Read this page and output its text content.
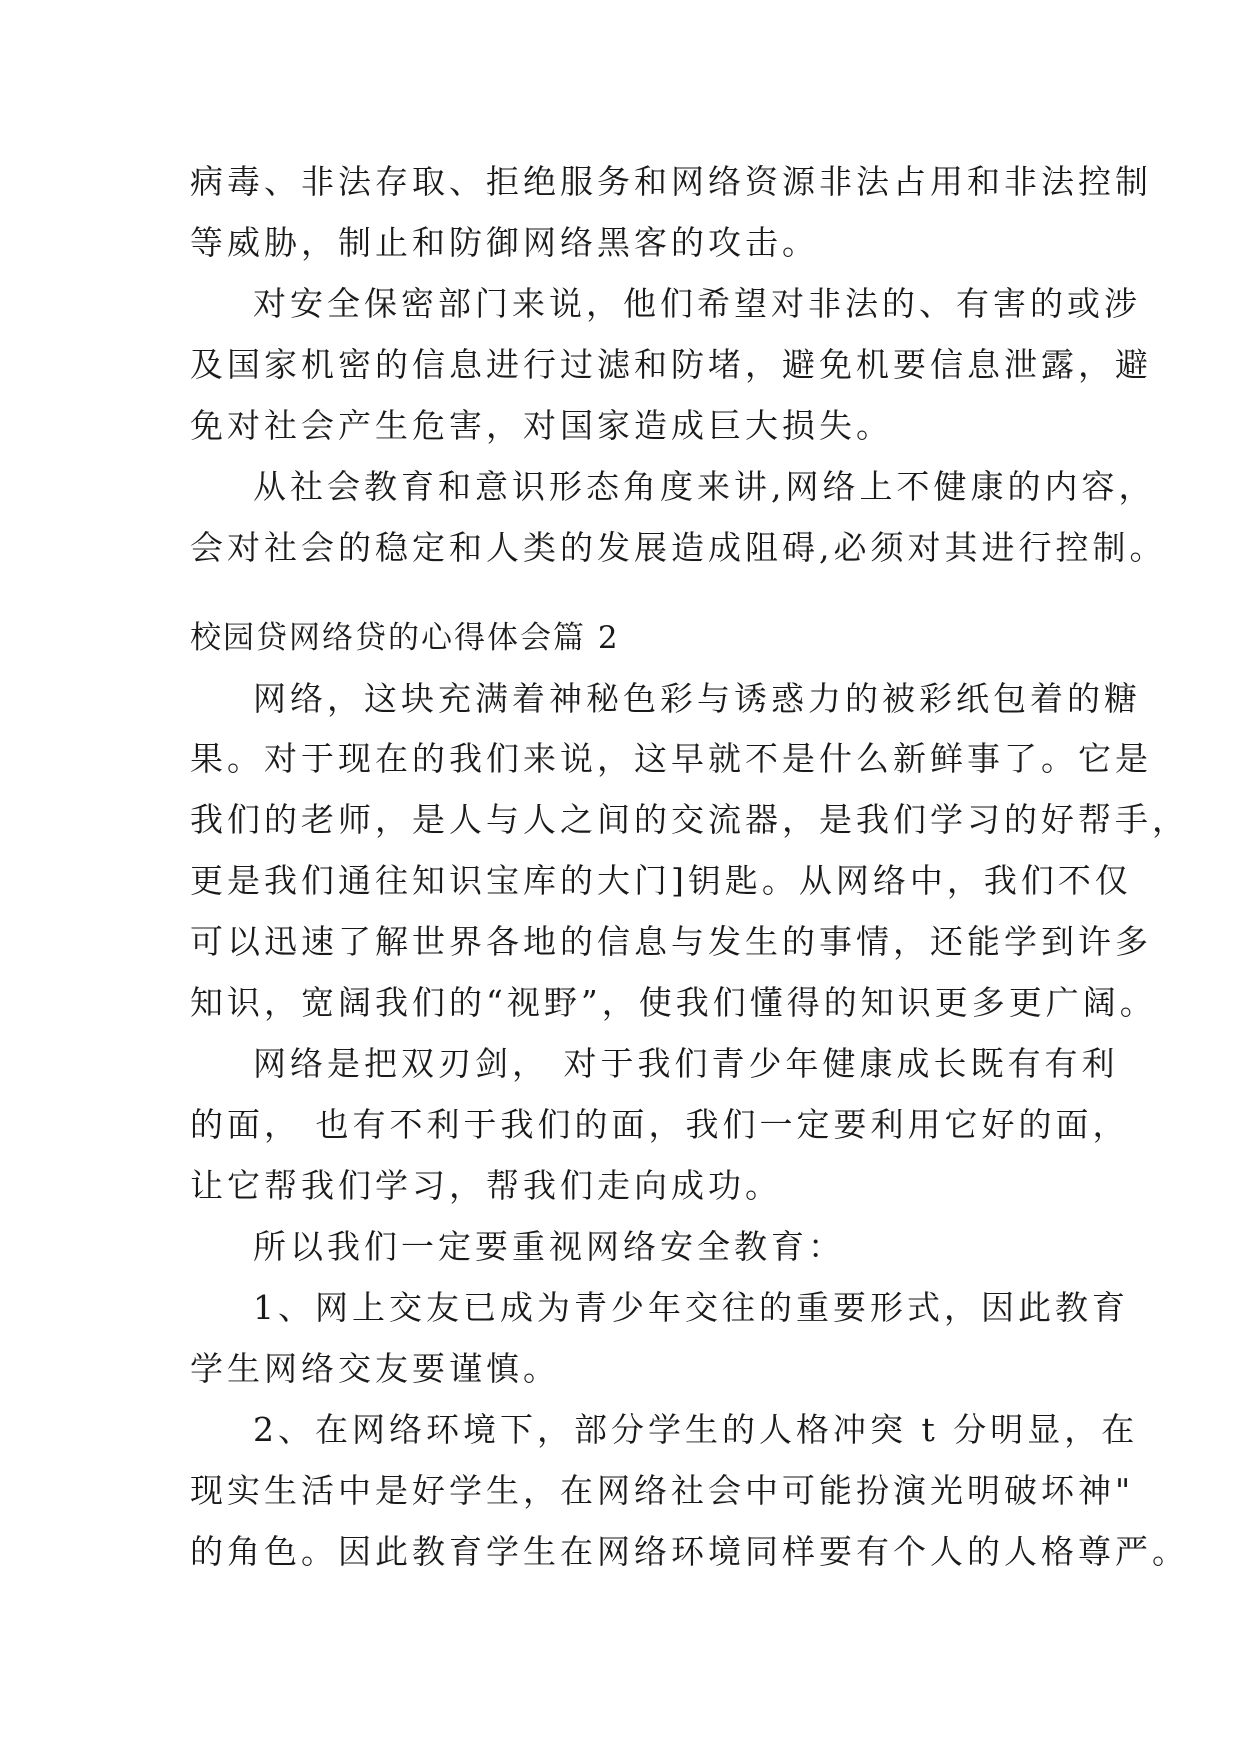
病毒、非法存取、拒绝服务和网络资源非法占用和非法控制
等威胁，制止和防御网络黑客的攻击。
对安全保密部门来说，他们希望对非法的、有害的或涉
及国家机密的信息进行过滤和防堵，避免机要信息泄露，避
免对社会产生危害，对国家造成巨大损失。
从社会教育和意识形态角度来讲,网络上不健康的内容，
会对社会的稳定和人类的发展造成阻碍,必须对其进行控制。
校园贷网络贷的心得体会篇 2
网络，这块充满着神秘色彩与诱惑力的被彩纸包着的糖
果。对于现在的我们来说，这早就不是什么新鲜事了。它是
我们的老师，是人与人之间的交流器，是我们学习的好帮手，
更是我们通往知识宝库的大门]钥匙。从网络中，我们不仅
可以迅速了解世界各地的信息与发生的事情，还能学到许多
知识，宽阔我们的“视野”，使我们懂得的知识更多更广阔。
网络是把双刃剑， 对于我们青少年健康成长既有有利
的面， 也有不利于我们的面，我们一定要利用它好的面，
让它帮我们学习，帮我们走向成功。
所以我们一定要重视网络安全教育：
1、网上交友已成为青少年交往的重要形式，因此教育
学生网络交友要谨慎。
2、在网络环境下，部分学生的人格冲突 t 分明显，在
现实生活中是好学生，在网络社会中可能扮演光明破坏神"
的角色。因此教育学生在网络环境同样要有个人的人格尊严。
